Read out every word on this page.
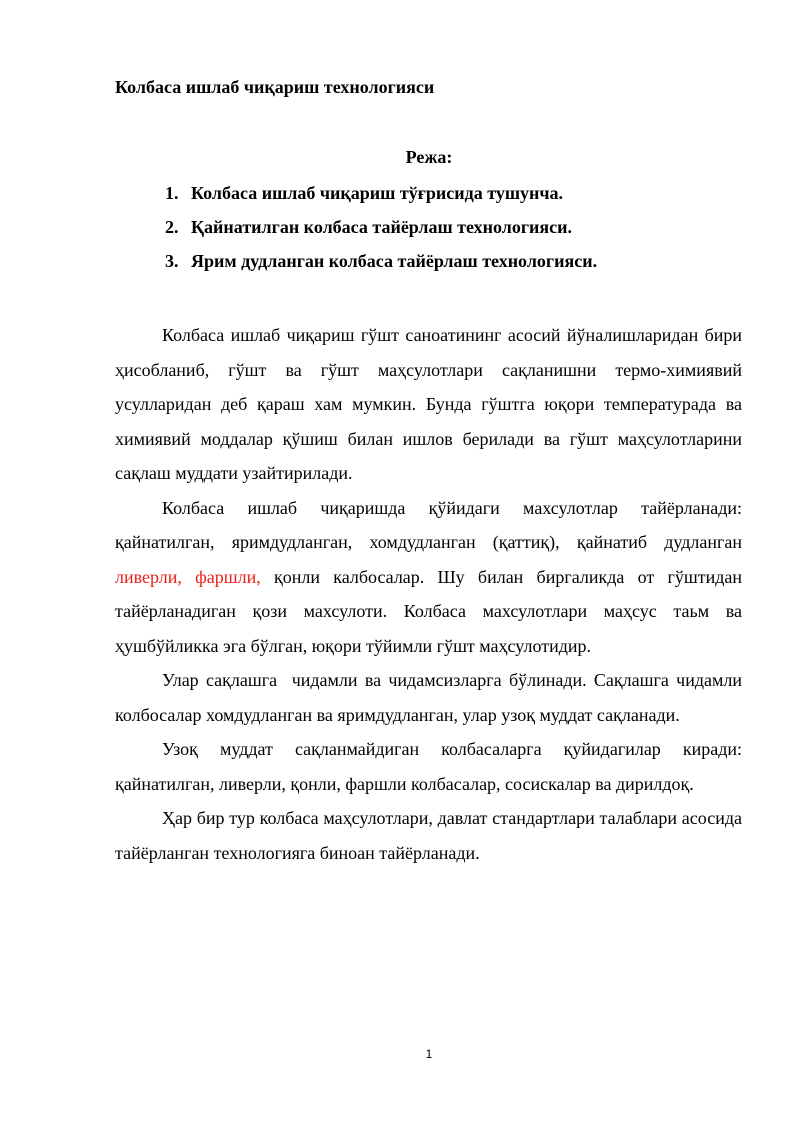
Колбаса ишлаб чиқариш технологияси
Режа:
1. Колбаса ишлаб чиқариш тўғрисида тушунча.
2. Қайнатилган колбаса тайёрлаш технологияси.
3. Ярим дудланган колбаса тайёрлаш технологияси.

Колбаса ишлаб чиқариш гўшт саноатининг асосий йўналишларидан бири ҳисобланиб, гўшт ва гўшт маҳсулотлари сақланишни термо-химиявий усулларидан деб қараш хам мумкин. Бунда гўштга юқори температурада ва химиявий моддалар қўшиш билан ишлов берилади ва гўшт маҳсулотларини сақлаш муддати узайтирилади.

Колбаса ишлаб чиқаришда қўйидаги махсулотлар тайёрланади: қайнатилган, яримдудланган, хомдудланган (қаттиқ), қайнатиб дудланган ливерли, фаршли, қонли калбосалар. Шу билан биргаликда от гўштидан тайёрланадиган қози махсулоти. Колбаса махсулотлари маҳсус таьм ва ҳушбўйликка эга бўлган, юқори тўйимли гўшт маҳсулотидир.

Улар сақлашга  чидамли ва чидамсизларга бўлинади. Сақлашга чидамли колбосалар хомдудланган ва яримдудланган, улар узоқ муддат сақланади.

Узоқ муддат сақланмайдиган колбасаларга қуйидагилар киради: қайнатилган, ливерли, қонли, фаршли колбасалар, сосискалар ва дирилдоқ.

Ҳар бир тур колбаса маҳсулотлари, давлат стандартлари талаблари асосида тайёрланган технологияга биноан тайёрланади.

1
